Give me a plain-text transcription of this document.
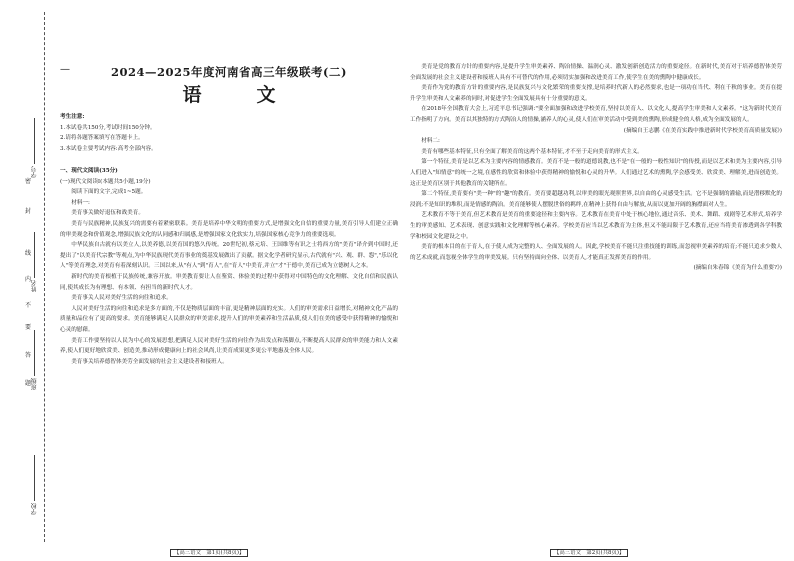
学号
姓名
班级
学校
密
封
线
内
不
要
答
题
—	2024—2025年度河南省高三年级联考(二)
语　文

考生注意:

1.本试卷共150分,考试时间150分钟。

2.请将各题答案填写在答题卡上。

3.本试卷主要考试内容:高考全部内容。

一、现代文阅读(35分)

(一)现代文阅读Ⅰ(本题共5小题,19分)

阅读下面的文字,完成1~5题。

材料一:

美育事关做好退伍和战美育。

美育与民族精神,民族复兴的需要有着紧密联系。美育是培养中华文明的重要方式,是增强文化自信的重要力量,美育引导人们建立正确的审美观念和价值观念,增强民族文化的认同感和归属感,是增强国家文化软实力,培强国家核心竞争力的重要选项。

中华民族自古就有以美立人,以美养德,以美育国的悠久传统。20世纪初,蔡元培、王国维等有识之士将西方的"美育"译介到中国时,还提出了"以美育代宗教"等观点,为中华民族现代美育事业的奠基发展做出了贡献。据文化学者研究显示,古代就有"兴、观、群、怨","乐以化人"等美育理念,对美育有着深刻认识。三国以来,从"有人"到"育人",在"育人"中美育,并立"才"于德中,美育已成为立德树人之本。

新时代的美育根植于民族传统,兼容开放。审美教育要让人在鉴赏、体验美的过程中获得对中国特色的文化理解、文化自信和民族认同,使其成长为有理想、有本领、有担当的新时代人才。

美育事关人民对美好生活的向往和追求。

人民对美好生活的向往和追求是多方面的,不仅是物质层面的丰富,更是精神层面的充实。人们的审美需求日益增长,对精神文化产品的质量和品位有了更高的要求。美育能够满足人民群众的审美需求,提升人们的审美素养和生活品质,使人们在美的感受中获得精神的愉悦和心灵的慰藉。

美育工作要坚持以人民为中心的发展思想,把满足人民对美好生活的向往作为出发点和落脚点,不断提高人民群众的审美能力和人文素养,使人们更好地欣赏美、创造美,推动形成健康向上的社会风尚,让美育成果更多更公平地惠及全体人民。

美育事关培养德智体美劳全面发展的社会主义建设者和接班人。

【高三语文　第1页(共8页)】

美育是党的教育方针的重要内容,是提升学生审美素养、陶冶情操、温润心灵、激发创新创造活力的重要途径。在新时代,美育对于培养德智体美劳全面发展的社会主义建设者和接班人具有不可替代的作用,必须切实加强和改进美育工作,使学生在美的熏陶中健康成长。

美育作为党的教育方针的重要内容,是民族复兴与文化繁荣的重要支撑,是培养时代新人的必然要求,也是一项功在当代、利在千秋的事业。美育在提升学生审美和人文素养的同时,对促进学生全面发展具有十分重要的意义。

在2018年全国教育大会上,习近平总书记强调:"要全面加强和改进学校美育,坚持以美育人、以文化人,提高学生审美和人文素养。"这为新时代美育工作指明了方向。美育以其独特的方式陶冶人的情操,涵养人的心灵,使人们在审美活动中受到美的熏陶,形成健全的人格,成为全面发展的人。

(摘编自王志鹏《在美育实践中推进新时代学校美育高质量发展》)

材料二:

美育有哪些基本特征,只有全面了解美育的这两个基本特征,才不至于走向美育的形式主义。

第一个特征,美育是以艺术为主要内容的情感教育。美育不是一般的道德说教,也不是"在一般的一般性知识"的传授,而是以艺术和美为主要内容,引导人们进入"知情意"的统一之境,在感性的欣赏和体验中获得精神的愉悦和心灵的升华。人们通过艺术的熏陶,学会感受美、欣赏美、理解美,进而创造美。这正是美育区别于其他教育的关键所在。

第二个特征,美育要有"美一种"的"趣"的教育。美育要超越功利,以审美的眼光观照世界,以自由的心灵感受生活。它不是强制的灌输,而是潜移默化的浸润;不是知识的堆积,而是情感的陶冶。美育能够使人摆脱世俗的羁绊,在精神上获得自由与解放,从而以更加开阔的胸襟面对人生。

艺术教育不等于美育,但艺术教育是美育的重要途径和主要内容。艺术教育在美育中处于核心地位,通过音乐、美术、舞蹈、戏剧等艺术形式,培养学生的审美感知、艺术表现、创意实践和文化理解等核心素养。学校美育应当以艺术教育为主体,但又不能局限于艺术教育,还应当将美育渗透到各学科教学和校园文化建设之中。

美育的根本目的在于育人,在于使人成为完整的人、全面发展的人。因此,学校美育不能只注重技能的训练,而忽视审美素养的培育;不能只追求少数人的艺术成就,而忽视全体学生的审美发展。只有坚持面向全体、以美育人,才能真正发挥美育的作用。

(摘编自朱春锦《美育为什么重要?》)

【高三语文　第2页(共8页)】
